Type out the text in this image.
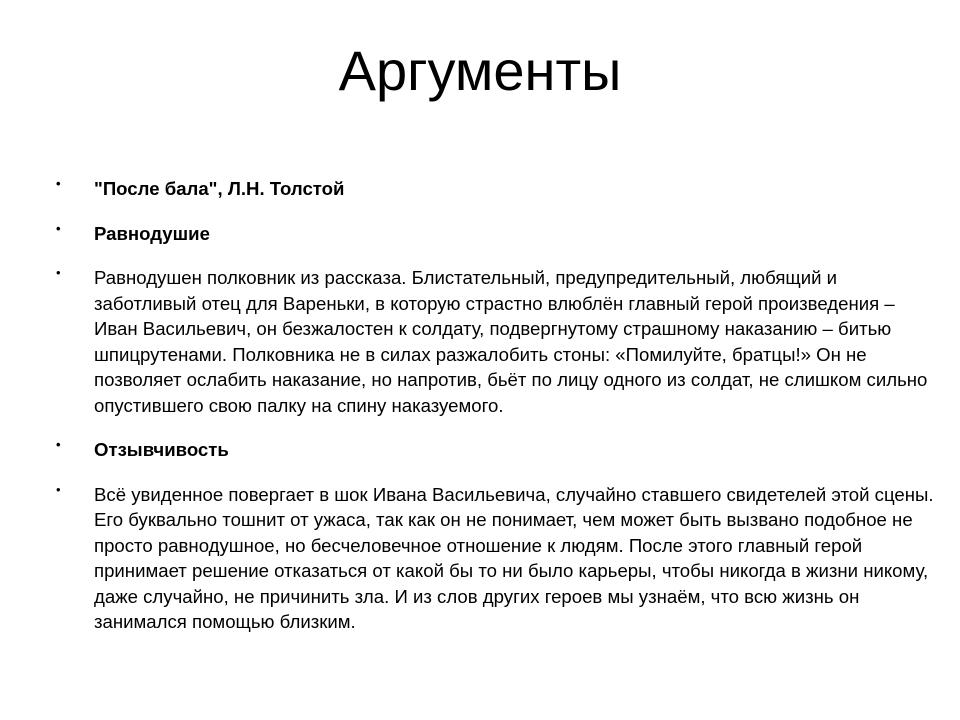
Аргументы
• "После бала", Л.Н. Толстой
• Равнодушие
• Равнодушен полковник из рассказа. Блистательный, предупредительный, любящий и заботливый отец для Вареньки, в которую страстно влюблён главный герой произведения – Иван Васильевич, он безжалостен к солдату, подвергнутому страшному наказанию – битью шпицрутенами. Полковника не в силах разжалобить стоны: «Помилуйте, братцы!» Он не позволяет ослабить наказание, но напротив, бьёт по лицу одного из солдат, не слишком сильно опустившего свою палку на спину наказуемого.
• Отзывчивость
• Всё увиденное повергает в шок Ивана Васильевича, случайно ставшего свидетелей этой сцены. Его буквально тошнит от ужаса, так как он не понимает, чем может быть вызвано подобное не просто равнодушное, но бесчеловечное отношение к людям. После этого главный герой принимает решение отказаться от какой бы то ни было карьеры, чтобы никогда в жизни никому, даже случайно, не причинить зла. И из слов других героев мы узнаём, что всю жизнь он занимался помощью близким.
